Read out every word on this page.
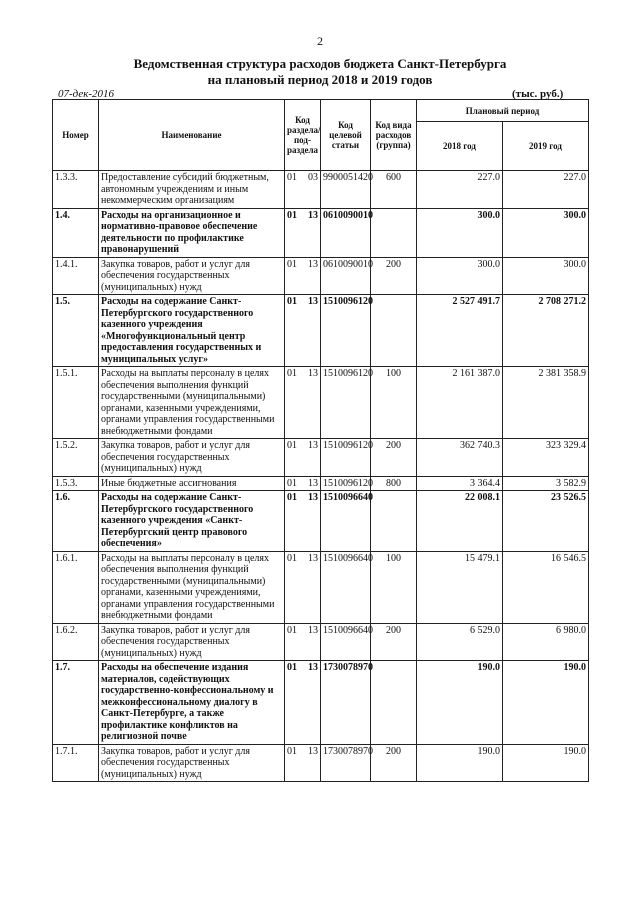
2
Ведомственная структура расходов бюджета Санкт-Петербурга
на плановый период 2018 и 2019 годов
07-дек-2016	(тыс. руб.)
Номер	Наименование	Код раздела/ под-раздела	Код целевой статьи	Код вида расходов (группа)	Плановый период	
					2018 год	2019 год
1.3.3.	Предоставление субсидий бюджетным, автономным учреждениям и иным некоммерческим организациям	01 03	9900051420	600	227.0	227.0
1.4.	Расходы на организационное и нормативно-правовое обеспечение деятельности по профилактике правонарушений	01 13	0610090010		300.0	300.0
1.4.1.	Закупка товаров, работ и услуг для обеспечения государственных (муниципальных) нужд	01 13	0610090010	200	300.0	300.0
1.5.	Расходы на содержание Санкт-Петербургского государственного казенного учреждения «Многофункциональный центр предоставления государственных и муниципальных услуг»	01 13	1510096120		2 527 491.7	2 708 271.2
1.5.1.	Расходы на выплаты персоналу в целях обеспечения выполнения функций государственными (муниципальными) органами, казенными учреждениями, органами управления государственными внебюджетными фондами	01 13	1510096120	100	2 161 387.0	2 381 358.9
1.5.2.	Закупка товаров, работ и услуг для обеспечения государственных (муниципальных) нужд	01 13	1510096120	200	362 740.3	323 329.4
1.5.3.	Иные бюджетные ассигнования	01 13	1510096120	800	3 364.4	3 582.9
1.6.	Расходы на содержание Санкт-Петербургского государственного казенного учреждения «Санкт-Петербургский центр правового обеспечения»	01 13	1510096640		22 008.1	23 526.5
1.6.1.	Расходы на выплаты персоналу в целях обеспечения выполнения функций государственными (муниципальными) органами, казенными учреждениями, органами управления государственными внебюджетными фондами	01 13	1510096640	100	15 479.1	16 546.5
1.6.2.	Закупка товаров, работ и услуг для обеспечения государственных (муниципальных) нужд	01 13	1510096640	200	6 529.0	6 980.0
1.7.	Расходы на обеспечение издания материалов, содействующих государственно-конфессиональному и межконфессиональному диалогу в Санкт-Петербурге, а также профилактике конфликтов на религиозной почве	01 13	1730078970		190.0	190.0
1.7.1.	Закупка товаров, работ и услуг для обеспечения государственных (муниципальных) нужд	01 13	1730078970	200	190.0	190.0
